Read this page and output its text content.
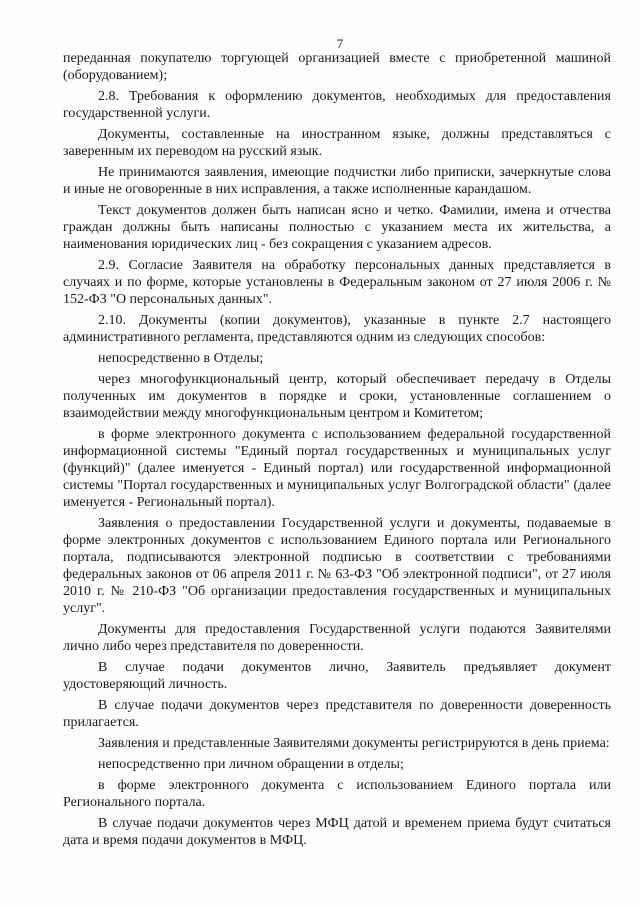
7

переданная покупателю торгующей организацией вместе с приобретенной машиной (оборудованием);

2.8. Требования к оформлению документов, необходимых для предоставления государственной услуги.

Документы, составленные на иностранном языке, должны представляться с заверенным их переводом на русский язык.

Не принимаются заявления, имеющие подчистки либо приписки, зачеркнутые слова и иные не оговоренные в них исправления, а также исполненные карандашом.

Текст документов должен быть написан ясно и четко. Фамилии, имена и отчества граждан должны быть написаны полностью с указанием места их жительства, а наименования юридических лиц - без сокращения с указанием адресов.

2.9. Согласие Заявителя на обработку персональных данных представляется в случаях и по форме, которые установлены в Федеральным законом от 27 июля 2006 г. № 152-ФЗ "О персональных данных".

2.10. Документы (копии документов), указанные в пункте 2.7 настоящего административного регламента, представляются одним из следующих способов:

непосредственно в Отделы;

через многофункциональный центр, который обеспечивает передачу в Отделы полученных им документов в порядке и сроки, установленные соглашением о взаимодействии между многофункциональным центром и Комитетом;

в форме электронного документа с использованием федеральной государственной информационной системы "Единый портал государственных и муниципальных услуг (функций)" (далее именуется - Единый портал) или государственной информационной системы "Портал государственных и муниципальных услуг Волгоградской области" (далее именуется - Региональный портал).

Заявления о предоставлении Государственной услуги и документы, подаваемые в форме электронных документов с использованием Единого портала или Регионального портала, подписываются электронной подписью в соответствии с требованиями федеральных законов от 06 апреля 2011 г. № 63-ФЗ "Об электронной подписи", от 27 июля 2010 г. № 210-ФЗ "Об организации предоставления государственных и муниципальных услуг".

Документы для предоставления Государственной услуги подаются Заявителями лично либо через представителя по доверенности.

В случае подачи документов лично, Заявитель предъявляет документ удостоверяющий личность.

В случае подачи документов через представителя по доверенности доверенность прилагается.

Заявления и представленные Заявителями документы регистрируются в день приема:

непосредственно при личном обращении в отделы;

в форме электронного документа с использованием Единого портала или Регионального портала.

В случае подачи документов через МФЦ датой и временем приема будут считаться дата и время подачи документов в МФЦ.
